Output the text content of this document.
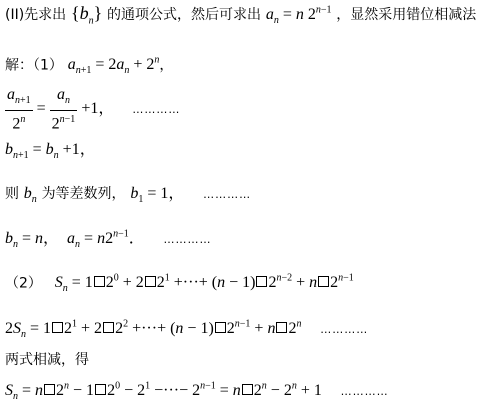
(II)先求出 $\{b_n\}$ 的通项公式，然后可求出 $a_n = n$ $2^{n-1}$ ，显然采用错位相减法
解：（1） $a_{n+1} = 2a_n + 2^n$，
$\frac{a_{n+1}}{2^n} = \frac{a_n}{2^{n-1}} +1$， …………
$b_{n+1} = b_n +1$，
则 $b_n$ 为等差数列， $b_1 = 1$， …………
$b_n = n$，  $a_n = n2^{n-1}$． …………
（2） $S_n = 1$ $2^0 + 2$ $2^1$ +···+ (n − 1) $2^{n-2} + n$ $2^{n-1}$
$2S_n = 1$ $2^1 + 2$ $2^2$ +···+ (n − 1) $2^{n-1} + n$ 2$^n$ …………
两式相减，得
$S_n = n$ $2^n - 1$ $2^0 - 2^1$ −···− $2^{n-1} = n$ $2^n - 2^n + 1$ …………
